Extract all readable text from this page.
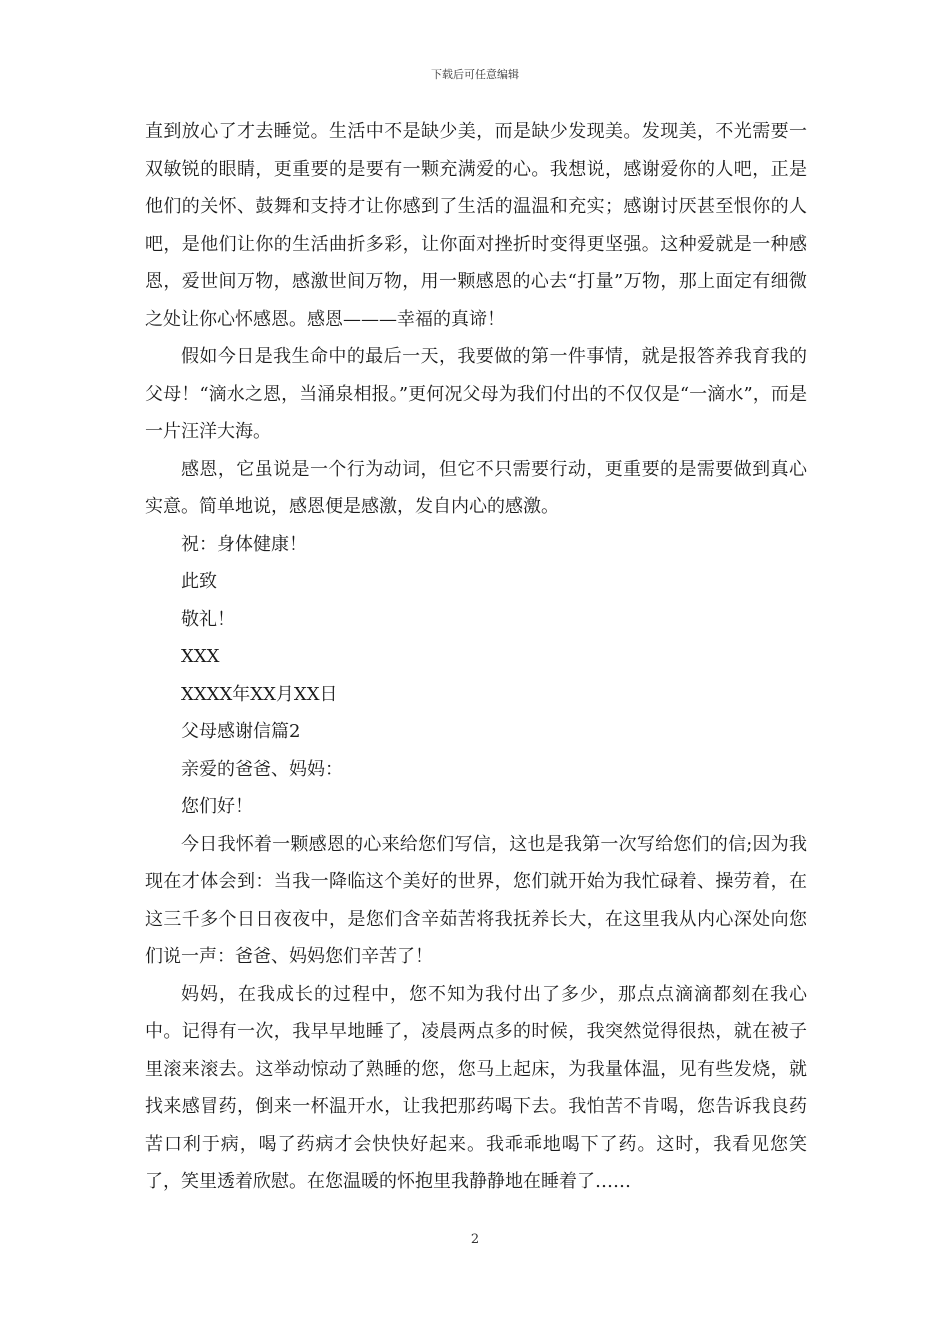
下载后可任意编辑

直到放心了才去睡觉。生活中不是缺少美，而是缺少发现美。发现美，不光需要一双敏锐的眼睛，更重要的是要有一颗充满爱的心。我想说，感谢爱你的人吧，正是他们的关怀、鼓舞和支持才让你感到了生活的温温和充实；感谢讨厌甚至恨你的人吧，是他们让你的生活曲折多彩，让你面对挫折时变得更坚强。这种爱就是一种感恩，爱世间万物，感激世间万物，用一颗感恩的心去“打量”万物，那上面定有细微之处让你心怀感恩。感恩———幸福的真谛！

假如今日是我生命中的最后一天，我要做的第一件事情，就是报答养我育我的父母！“滴水之恩，当涌泉相报。”更何况父母为我们付出的不仅仅是“一滴水”，而是一片汪洋大海。

感恩，它虽说是一个行为动词，但它不只需要行动，更重要的是需要做到真心实意。简单地说，感恩便是感激，发自内心的感激。

祝：身体健康！

此致

敬礼！

XXX

XXXX年XX月XX日

父母感谢信篇2

亲爱的爸爸、妈妈：

您们好！

今日我怀着一颗感恩的心来给您们写信，这也是我第一次写给您们的信;因为我现在才体会到：当我一降临这个美好的世界，您们就开始为我忙碌着、操劳着，在这三千多个日日夜夜中，是您们含辛茹苦将我抚养长大，在这里我从内心深处向您们说一声：爸爸、妈妈您们辛苦了！

妈妈，在我成长的过程中，您不知为我付出了多少，那点点滴滴都刻在我心中。记得有一次，我早早地睡了，凌晨两点多的时候，我突然觉得很热，就在被子里滚来滚去。这举动惊动了熟睡的您，您马上起床，为我量体温，见有些发烧，就找来感冒药，倒来一杯温开水，让我把那药喝下去。我怕苦不肯喝，您告诉我良药苦口利于病，喝了药病才会快快好起来。我乖乖地喝下了药。这时，我看见您笑了，笑里透着欣慰。在您温暖的怀抱里我静静地在睡着了……

2
